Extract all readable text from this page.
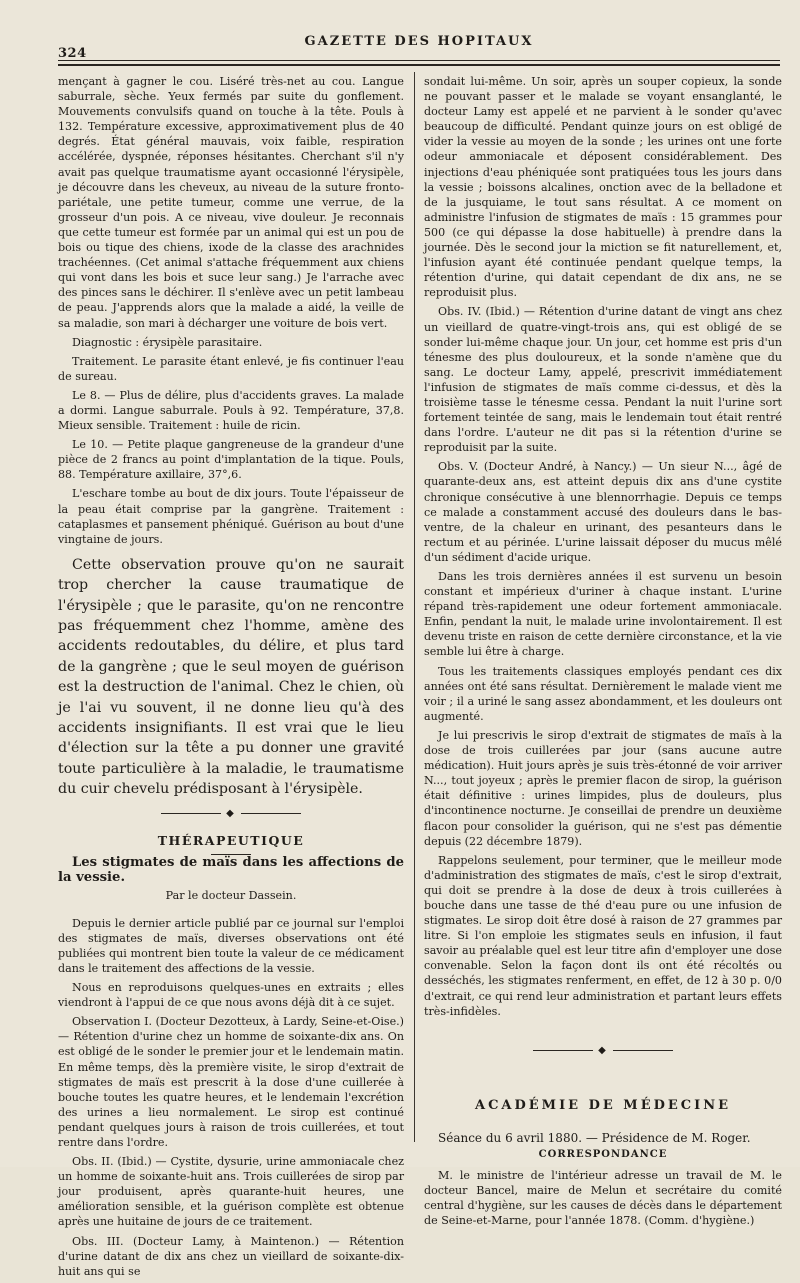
324
GAZETTE DES HOPITAUX

mençant à gagner le cou. Liséré très-net au cou. Langue saburrale, sèche. Yeux fermés par suite du gonflement. Mouvements convulsifs quand on touche à la tête. Pouls à 132. Température excessive, approximativement plus de 40 degrés. État général mauvais, voix faible, respiration accélérée, dyspnée, réponses hésitantes. Cherchant s'il n'y avait pas quelque traumatisme ayant occasionné l'érysipèle, je découvre dans les cheveux, au niveau de la suture fronto-pariétale, une petite tumeur, comme une verrue, de la grosseur d'un pois. A ce niveau, vive douleur. Je reconnais que cette tumeur est formée par un animal qui est un pou de bois ou tique des chiens, ixode de la classe des arachnides trachéennes. (Cet animal s'attache fréquemment aux chiens qui vont dans les bois et suce leur sang.) Je l'arrache avec des pinces sans le déchirer. Il s'enlève avec un petit lambeau de peau. J'apprends alors que la malade a aidé, la veille de sa maladie, son mari à décharger une voiture de bois vert.

Diagnostic : érysipèle parasitaire.

Traitement. Le parasite étant enlevé, je fis continuer l'eau de sureau.

Le 8. — Plus de délire, plus d'accidents graves. La malade a dormi. Langue saburrale. Pouls à 92. Température, 37,8. Mieux sensible. Traitement : huile de ricin.

Le 10. — Petite plaque gangreneuse de la grandeur d'une pièce de 2 francs au point d'implantation de la tique. Pouls, 88. Température axillaire, 37°,6.

L'eschare tombe au bout de dix jours. Toute l'épaisseur de la peau était comprise par la gangrène. Traitement : cataplasmes et pansement phéniqué. Guérison au bout d'une vingtaine de jours.

Cette observation prouve qu'on ne saurait trop chercher la cause traumatique de l'érysipèle ; que le parasite, qu'on ne rencontre pas fréquemment chez l'homme, amène des accidents redoutables, du délire, et plus tard de la gangrène ; que le seul moyen de guérison est la destruction de l'animal. Chez le chien, où je l'ai vu souvent, il ne donne lieu qu'à des accidents insignifiants. Il est vrai que le lieu d'élection sur la tête a pu donner une gravité toute particulière à la maladie, le traumatisme du cuir chevelu prédisposant à l'érysipèle.

◆
THÉRAPEUTIQUE

Les stigmates de maïs dans les affections de la vessie.

Par le docteur Dassein.

Depuis le dernier article publié par ce journal sur l'emploi des stigmates de maïs, diverses observations ont été publiées qui montrent bien toute la valeur de ce médicament dans le traitement des affections de la vessie.

Nous en reproduisons quelques-unes en extraits ; elles viendront à l'appui de ce que nous avons déjà dit à ce sujet.

Observation I. (Docteur Dezotteux, à Lardy, Seine-et-Oise.) — Rétention d'urine chez un homme de soixante-dix ans. On est obligé de le sonder le premier jour et le lendemain matin. En même temps, dès la première visite, le sirop d'extrait de stigmates de maïs est prescrit à la dose d'une cuillerée à bouche toutes les quatre heures, et le lendemain l'excrétion des urines a lieu normalement. Le sirop est continué pendant quelques jours à raison de trois cuillerées, et tout rentre dans l'ordre.

Obs. II. (Ibid.) — Cystite, dysurie, urine ammoniacale chez un homme de soixante-huit ans. Trois cuillerées de sirop par jour produisent, après quarante-huit heures, une amélioration sensible, et la guérison complète est obtenue après une huitaine de jours de ce traitement.

Obs. III. (Docteur Lamy, à Maintenon.) — Rétention d'urine datant de dix ans chez un vieillard de soixante-dix-huit ans qui se

sondait lui-même. Un soir, après un souper copieux, la sonde ne pouvant passer et le malade se voyant ensanglanté, le docteur Lamy est appelé et ne parvient à le sonder qu'avec beaucoup de difficulté. Pendant quinze jours on est obligé de vider la vessie au moyen de la sonde ; les urines ont une forte odeur ammoniacale et déposent considérablement. Des injections d'eau phéniquée sont pratiquées tous les jours dans la vessie ; boissons alcalines, onction avec de la belladone et de la jusquiame, le tout sans résultat. A ce moment on administre l'infusion de stigmates de maïs : 15 grammes pour 500 (ce qui dépasse la dose habituelle) à prendre dans la journée. Dès le second jour la miction se fit naturellement, et, l'infusion ayant été continuée pendant quelque temps, la rétention d'urine, qui datait cependant de dix ans, ne se reproduisit plus.

Obs. IV. (Ibid.) — Rétention d'urine datant de vingt ans chez un vieillard de quatre-vingt-trois ans, qui est obligé de se sonder lui-même chaque jour. Un jour, cet homme est pris d'un ténesme des plus douloureux, et la sonde n'amène que du sang. Le docteur Lamy, appelé, prescrivit immédiatement l'infusion de stigmates de maïs comme ci-dessus, et dès la troisième tasse le ténesme cessa. Pendant la nuit l'urine sort fortement teintée de sang, mais le lendemain tout était rentré dans l'ordre. L'auteur ne dit pas si la rétention d'urine se reproduisit par la suite.

Obs. V. (Docteur André, à Nancy.) — Un sieur N..., âgé de quarante-deux ans, est atteint depuis dix ans d'une cystite chronique consécutive à une blennorrhagie. Depuis ce temps ce malade a constamment accusé des douleurs dans le bas-ventre, de la chaleur en urinant, des pesanteurs dans le rectum et au périnée. L'urine laissait déposer du mucus mêlé d'un sédiment d'acide urique.

Dans les trois dernières années il est survenu un besoin constant et impérieux d'uriner à chaque instant. L'urine répand très-rapidement une odeur fortement ammoniacale. Enfin, pendant la nuit, le malade urine involontairement. Il est devenu triste en raison de cette dernière circonstance, et la vie semble lui être à charge.

Tous les traitements classiques employés pendant ces dix années ont été sans résultat. Dernièrement le malade vient me voir ; il a uriné le sang assez abondamment, et les douleurs ont augmenté.

Je lui prescrivis le sirop d'extrait de stigmates de maïs à la dose de trois cuillerées par jour (sans aucune autre médication). Huit jours après je suis très-étonné de voir arriver N..., tout joyeux ; après le premier flacon de sirop, la guérison était définitive : urines limpides, plus de douleurs, plus d'incontinence nocturne. Je conseillai de prendre un deuxième flacon pour consolider la guérison, qui ne s'est pas démentie depuis (22 décembre 1879).

Rappelons seulement, pour terminer, que le meilleur mode d'administration des stigmates de maïs, c'est le sirop d'extrait, qui doit se prendre à la dose de deux à trois cuillerées à bouche dans une tasse de thé d'eau pure ou une infusion de stigmates. Le sirop doit être dosé à raison de 27 grammes par litre. Si l'on emploie les stigmates seuls en infusion, il faut savoir au préalable quel est leur titre afin d'employer une dose convenable. Selon la façon dont ils ont été récoltés ou desséchés, les stigmates renferment, en effet, de 12 à 30 p. 0/0 d'extrait, ce qui rend leur administration et partant leurs effets très-infidèles.

◆
ACADÉMIE DE MÉDECINE

Séance du 6 avril 1880. — Présidence de M. Roger.

CORRESPONDANCE

M. le ministre de l'intérieur adresse un travail de M. le docteur Bancel, maire de Melun et secrétaire du comité central d'hygiène, sur les causes de décès dans le département de Seine-et-Marne, pour l'année 1878. (Comm. d'hygiène.)
